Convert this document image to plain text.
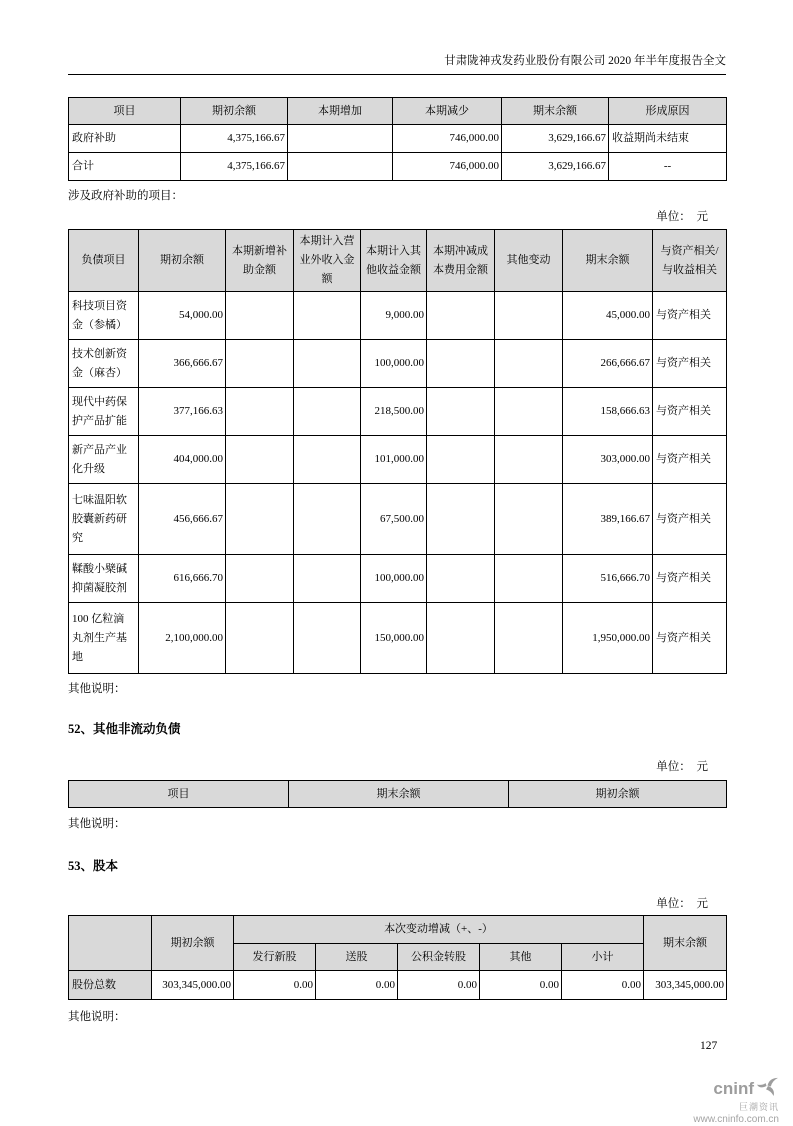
甘肃陇神戎发药业股份有限公司 2020 年半年度报告全文
项目	期初余额	本期增加	本期减少	期末余额	形成原因
政府补助	4,375,166.67		746,000.00	3,629,166.67	收益期尚未结束
合计	4,375,166.67		746,000.00	3,629,166.67	--
涉及政府补助的项目：
单位：　元
负债项目	期初余额	本期新增补助金额	本期计入营业外收入金额	本期计入其他收益金额	本期冲减成本费用金额	其他变动	期末余额	与资产相关/与收益相关
科技项目资金（参橘）	54,000.00			9,000.00			45,000.00	与资产相关
技术创新资金（麻杏）	366,666.67			100,000.00			266,666.67	与资产相关
现代中药保护产品扩能	377,166.63			218,500.00			158,666.63	与资产相关
新产品产业化升级	404,000.00			101,000.00			303,000.00	与资产相关
七味温阳软胶囊新药研究	456,666.67			67,500.00			389,166.67	与资产相关
鞣酸小檗碱抑菌凝胶剂	616,666.70			100,000.00			516,666.70	与资产相关
100 亿粒滴丸剂生产基地	2,100,000.00			150,000.00			1,950,000.00	与资产相关
其他说明：
52、其他非流动负债
单位：　元
项目	期末余额	期初余额
其他说明：
53、股本
单位：　元
	期初余额	本次变动增减（+、-）					期末余额
		发行新股	送股	公积金转股	其他	小计	
股份总数	303,345,000.00	0.00	0.00	0.00	0.00	0.00	303,345,000.00
其他说明：
127
cninf
巨潮资讯
www.cninfo.com.cn
